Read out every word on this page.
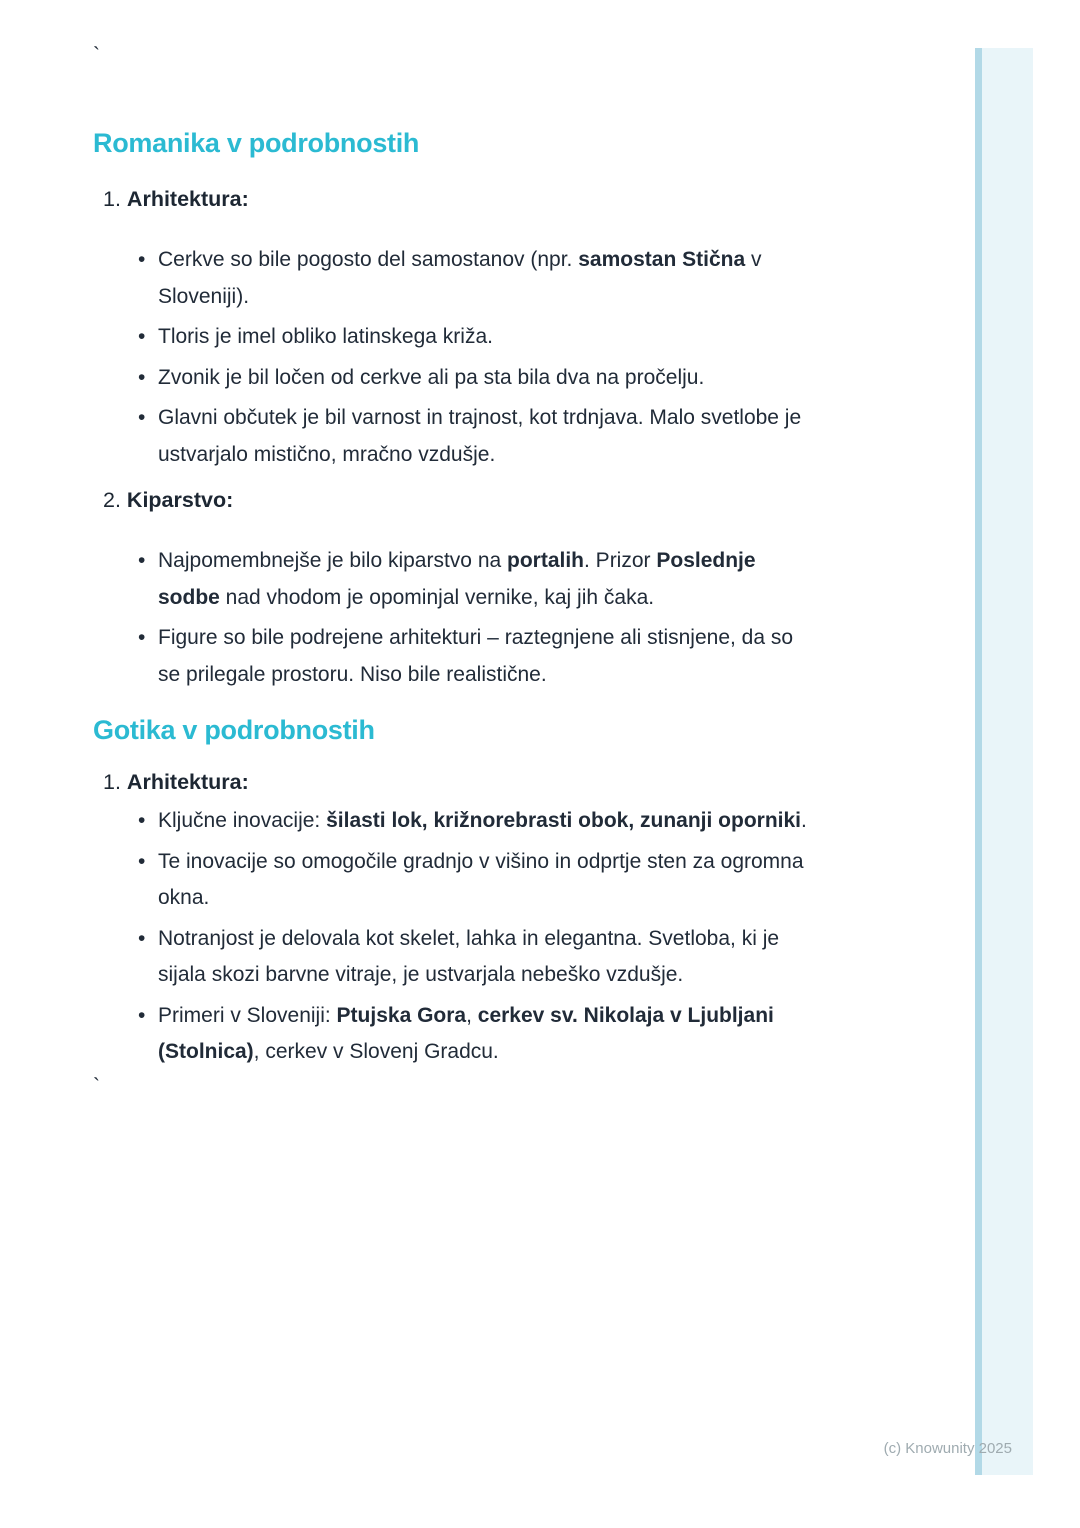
`
Romanika v podrobnostih
1. Arhitektura:
• Cerkve so bile pogosto del samostanov (npr. samostan Stična v Sloveniji).
• Tloris je imel obliko latinskega križa.
• Zvonik je bil ločen od cerkve ali pa sta bila dva na pročelju.
• Glavni občutek je bil varnost in trajnost, kot trdnjava. Malo svetlobe je ustvarjalo mistično, mračno vzdušje.
2. Kiparstvo:
• Najpomembnejše je bilo kiparstvo na portalih. Prizor Poslednje sodbe nad vhodom je opominjal vernike, kaj jih čaka.
• Figure so bile podrejene arhitekturi – raztegnjene ali stisnjene, da so se prilegale prostoru. Niso bile realistične.
Gotika v podrobnostih
1. Arhitektura:
• Ključne inovacije: šilasti lok, križnorebrasti obok, zunanji oporniki.
• Te inovacije so omogočile gradnjo v višino in odprtje sten za ogromna okna.
• Notranjost je delovala kot skelet, lahka in elegantna. Svetloba, ki je sijala skozi barvne vitraje, je ustvarjala nebeško vzdušje.
• Primeri v Sloveniji: Ptujska Gora, cerkev sv. Nikolaja v Ljubljani (Stolnica), cerkev v Slovenj Gradcu.
`
(c) Knowunity 2025
